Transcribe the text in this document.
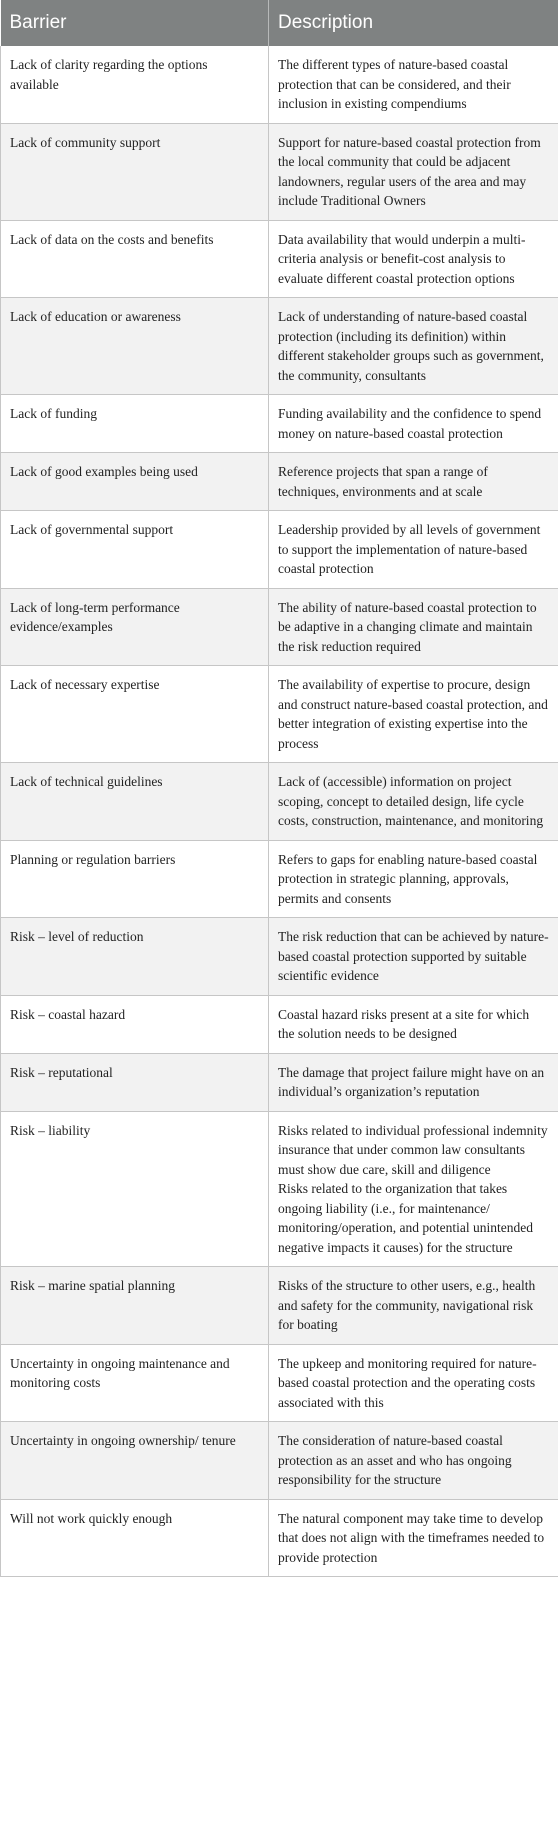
Barrier	Description
Lack of clarity regarding the options available	The different types of nature-based coastal protection that can be considered, and their inclusion in existing compendiums

Lack of community support	Support for nature-based coastal protection from the local community that could be adjacent landowners, regular users of the area and may include Traditional Owners

Lack of data on the costs and benefits	Data availability that would underpin a multi-criteria analysis or benefit-cost analysis to evaluate different coastal protection options

Lack of education or awareness	Lack of understanding of nature-based coastal protection (including its definition) within different stakeholder groups such as government, the community, consultants

Lack of funding	Funding availability and the confidence to spend money on nature-based coastal protection

Lack of good examples being used	Reference projects that span a range of techniques, environments and at scale

Lack of governmental support	Leadership provided by all levels of government to support the implementation of nature-based coastal protection

Lack of long-term performance evidence/examples	The ability of nature-based coastal protection to be adaptive in a changing climate and maintain the risk reduction required

Lack of necessary expertise	The availability of expertise to procure, design and construct nature-based coastal protection, and better integration of existing expertise into the process

Lack of technical guidelines	Lack of (accessible) information on project scoping, concept to detailed design, life cycle costs, construction, maintenance, and monitoring

Planning or regulation barriers	Refers to gaps for enabling nature-based coastal protection in strategic planning, approvals, permits and consents

Risk – level of reduction	The risk reduction that can be achieved by nature-based coastal protection supported by suitable scientific evidence

Risk – coastal hazard	Coastal hazard risks present at a site for which the solution needs to be designed

Risk – reputational	The damage that project failure might have on an individual’s organization’s reputation

Risk – liability	Risks related to individual professional indemnity insurance that under common law consultants must show due care, skill and diligence
Risks related to the organization that takes ongoing liability (i.e., for maintenance/ monitoring/operation, and potential unintended negative impacts it causes) for the structure

Risk – marine spatial planning	Risks of the structure to other users, e.g., health and safety for the community, navigational risk for boating

Uncertainty in ongoing maintenance and monitoring costs	The upkeep and monitoring required for nature-based coastal protection and the operating costs associated with this

Uncertainty in ongoing ownership/ tenure	The consideration of nature-based coastal protection as an asset and who has ongoing responsibility for the structure

Will not work quickly enough	The natural component may take time to develop that does not align with the timeframes needed to provide protection
